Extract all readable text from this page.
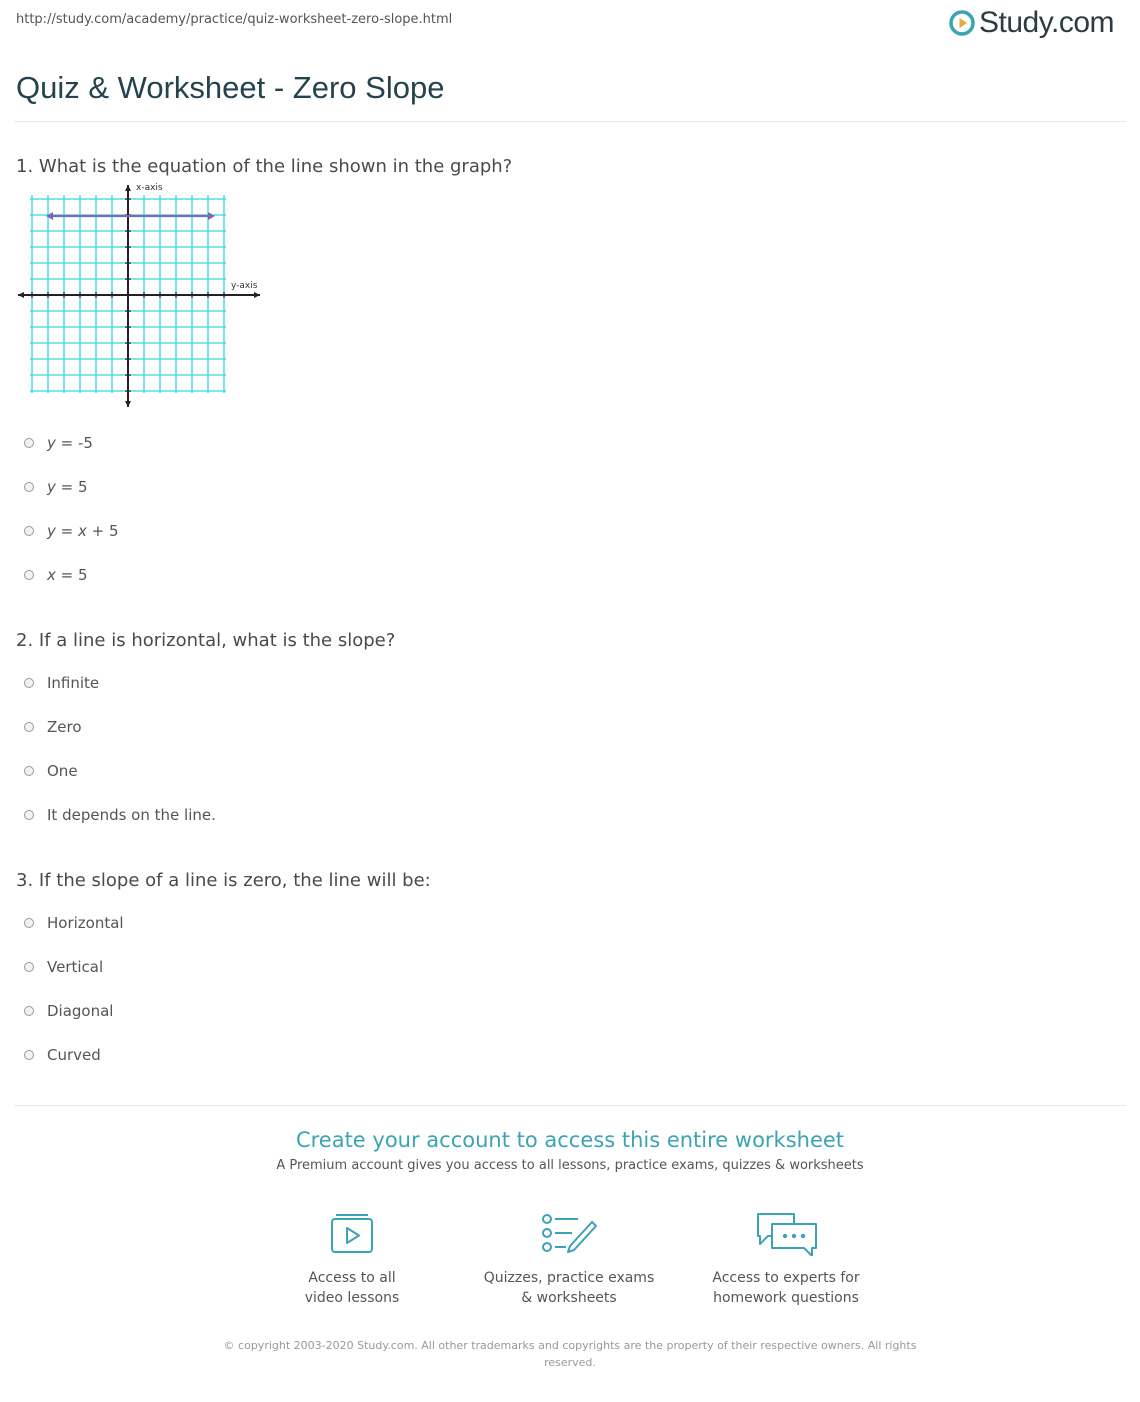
http://study.com/academy/practice/quiz-worksheet-zero-slope.html	Study.com
Quiz & Worksheet - Zero Slope
1. What is the equation of the line shown in the graph?
x-axis
y-axis
y = -5
y = 5
y = x + 5
x = 5
2. If a line is horizontal, what is the slope?
Infinite
Zero
One
It depends on the line.
3. If the slope of a line is zero, the line will be:
Horizontal
Vertical
Diagonal
Curved
Create your account to access this entire worksheet
A Premium account gives you access to all lessons, practice exams, quizzes & worksheets
Access to all
video lessons
Quizzes, practice exams
& worksheets
Access to experts for
homework questions
© copyright 2003-2020 Study.com. All other trademarks and copyrights are the property of their respective owners. All rights reserved.
